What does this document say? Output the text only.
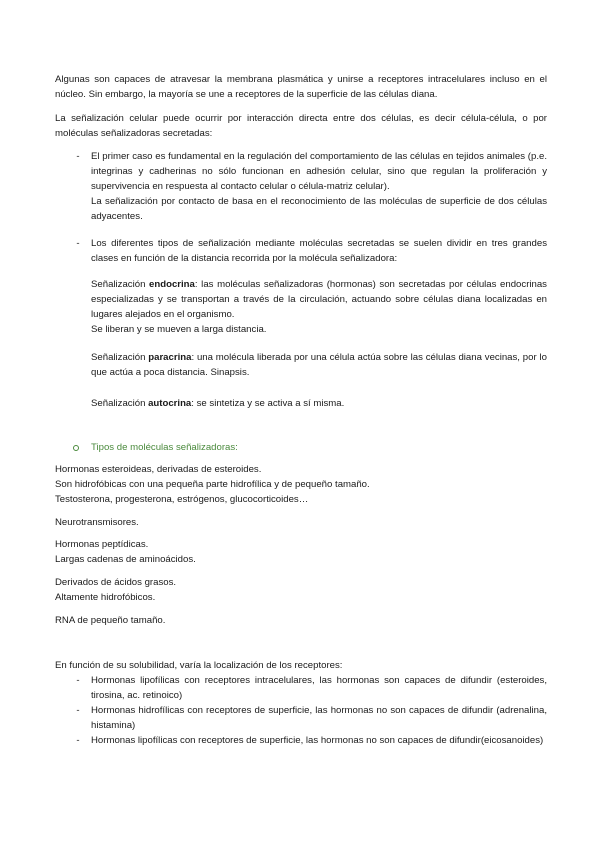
Algunas son capaces de atravesar la membrana plasmática y unirse a receptores intracelulares incluso en el núcleo. Sin embargo, la mayoría se une a receptores de la superficie de las células diana.

La señalización celular puede ocurrir por interacción directa entre dos células, es decir célula-célula, o por moléculas señalizadoras secretadas:

-	El primer caso es fundamental en la regulación del comportamiento de las células en tejidos animales (p.e. integrinas y cadherinas no sólo funcionan en adhesión celular, sino que regulan la proliferación y supervivencia en respuesta al contacto celular o célula-matriz celular).
La señalización por contacto de basa en el reconocimiento de las moléculas de superficie de dos células adyacentes.
-	Los diferentes tipos de señalización mediante moléculas secretadas se suelen dividir en tres grandes clases en función de la distancia recorrida por la molécula señalizadora:

Señalización endocrina: las moléculas señalizadoras (hormonas) son secretadas por células endocrinas especializadas y se transportan a través de la circulación, actuando sobre células diana localizadas en lugares alejados en el organismo.
Se liberan y se mueven a larga distancia.

Señalización paracrina: una molécula liberada por una célula actúa sobre las células diana vecinas, por lo que actúa a poca distancia. Sinapsis.

Señalización autocrina: se sintetiza y se activa a sí misma.

Tipos de moléculas señalizadoras:

Hormonas esteroideas, derivadas de esteroides.
Son hidrofóbicas con una pequeña parte hidrofílica y de pequeño tamaño.
Testosterona, progesterona, estrógenos, glucocorticoides…

Neurotransmisores.

Hormonas peptídicas.
Largas cadenas de aminoácidos.
Derivados de ácidos grasos.
Altamente hidrofóbicos.

RNA de pequeño tamaño.

En función de su solubilidad, varía la localización de los receptores:

-	Hormonas lipofílicas con receptores intracelulares, las hormonas son capaces de difundir (esteroides, tirosina, ac. retinoico)

-	Hormonas hidrofílicas con receptores de superficie, las hormonas no son capaces de difundir (adrenalina, histamina)

-	Hormonas lipofílicas con receptores de superficie, las hormonas no son capaces de difundir(eicosanoides)
